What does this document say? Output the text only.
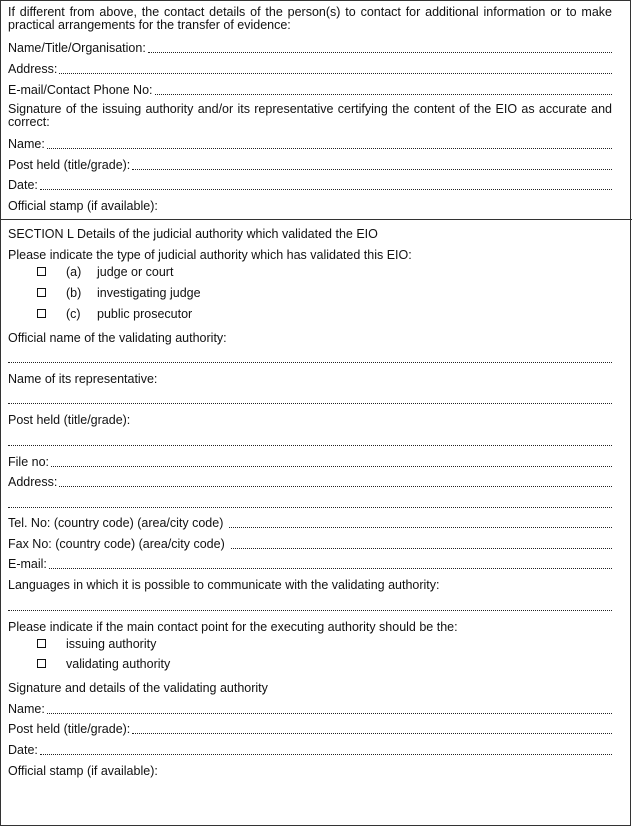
If different from above, the contact details of the person(s) to contact for additional information or to make practical arrangements for the transfer of evidence:
Name/Title/Organisation:
Address:
E-mail/Contact Phone No:
Signature of the issuing authority and/or its representative certifying the content of the EIO as accurate and correct:
Name:
Post held (title/grade):
Date:
Official stamp (if available):
SECTION L Details of the judicial authority which validated the EIO
Please indicate the type of judicial authority which has validated this EIO:
(a) judge or court
(b) investigating judge
(c) public prosecutor
Official name of the validating authority:
Name of its representative:
Post held (title/grade):
File no:
Address:
Tel. No: (country code) (area/city code)
Fax No: (country code) (area/city code)
E-mail:
Languages in which it is possible to communicate with the validating authority:
Please indicate if the main contact point for the executing authority should be the:
issuing authority
validating authority
Signature and details of the validating authority
Name:
Post held (title/grade):
Date:
Official stamp (if available):
